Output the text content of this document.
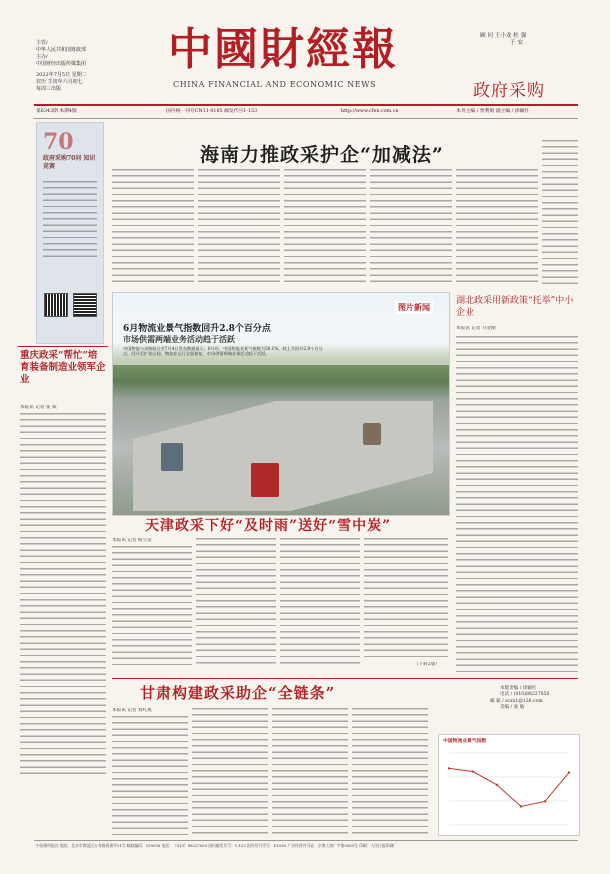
主管/
中华人民共和国财政部
主办/
中国财经出版传媒集团
2022年7月5日 星期二
农历 壬寅年六月初七
每周三出版
中國財經報
CHINA FINANCIAL AND ECONOMIC NEWS
顾 问 王小龙 杜 强
于 安
政府采购
第6343期 本期4版	国内统一刊号CN11-0185 邮发代号1-153	http://www.cfen.com.cn	本刊主编 / 贾利娟 副主编 / 徐颖红
70
政府采购70问 知识竞赛
重庆政采“帮忙”培育装备制造业领军企业
本报讯 记者 张 斌
海南力推政采护企“加减法”
6月物流业景气指数回升2.8个百分点
市场供需两端业务活动趋于活跃
中国物流与采购联合会7月4日发布数据显示，6月份，中国物流业景气指数为50.1%，较上月回升2.8个百分点，回升至扩张区间。物流业运行全面恢复，市场供需两端业务活动趋于活跃。
图片新闻
湖北政采用新政策“托举”中小企业
本报讯 记者 马金丽
天津政采下好“及时雨”送好“雪中炭”
本报讯 记者 杨立彦
（下转2版）
甘肃构建政采助企“全链条”
本报讯 记者 刘红燕
本版责编 / 徐颖红
电话 / (010)88227050
邮 箱 / zcxx1@126.com
美编 / 张 敏
中国物流业景气指数
中国财经报社 地址：北京市海淀区万寿路西街甲21号 邮政编码：100036 电话：（010）88227050 国内邮发代号：1-153 国外发行代号：D1085 广告经营许可证：京海工商广字第0085号 印刷：人民日报印刷厂
